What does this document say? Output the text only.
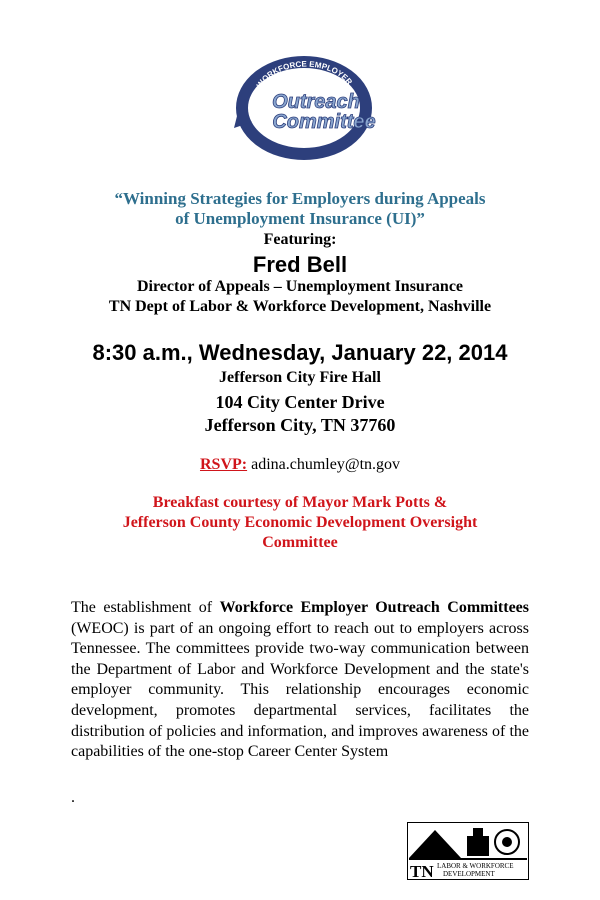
WORKFORCE EMPLOYER
Outreach
Committee
“Winning Strategies for Employers during Appeals
of Unemployment Insurance (UI)”
Featuring:
Fred Bell
Director of Appeals – Unemployment Insurance
TN Dept of Labor & Workforce Development, Nashville
8:30 a.m., Wednesday, January 22, 2014
Jefferson City Fire Hall
104 City Center Drive
Jefferson City, TN 37760
RSVP: adina.chumley@tn.gov
Breakfast courtesy of Mayor Mark Potts &
Jefferson County Economic Development Oversight
Committee
The establishment of Workforce Employer Outreach Committees (WEOC) is part of an ongoing effort to reach out to employers across Tennessee. The committees provide two-way communication between the Department of Labor and Workforce Development and the state's employer community. This relationship encourages economic development, promotes departmental services, facilitates the distribution of policies and information, and improves awareness of the capabilities of the one-stop Career Center System
.
TN LABOR & WORKFORCE
DEVELOPMENT
